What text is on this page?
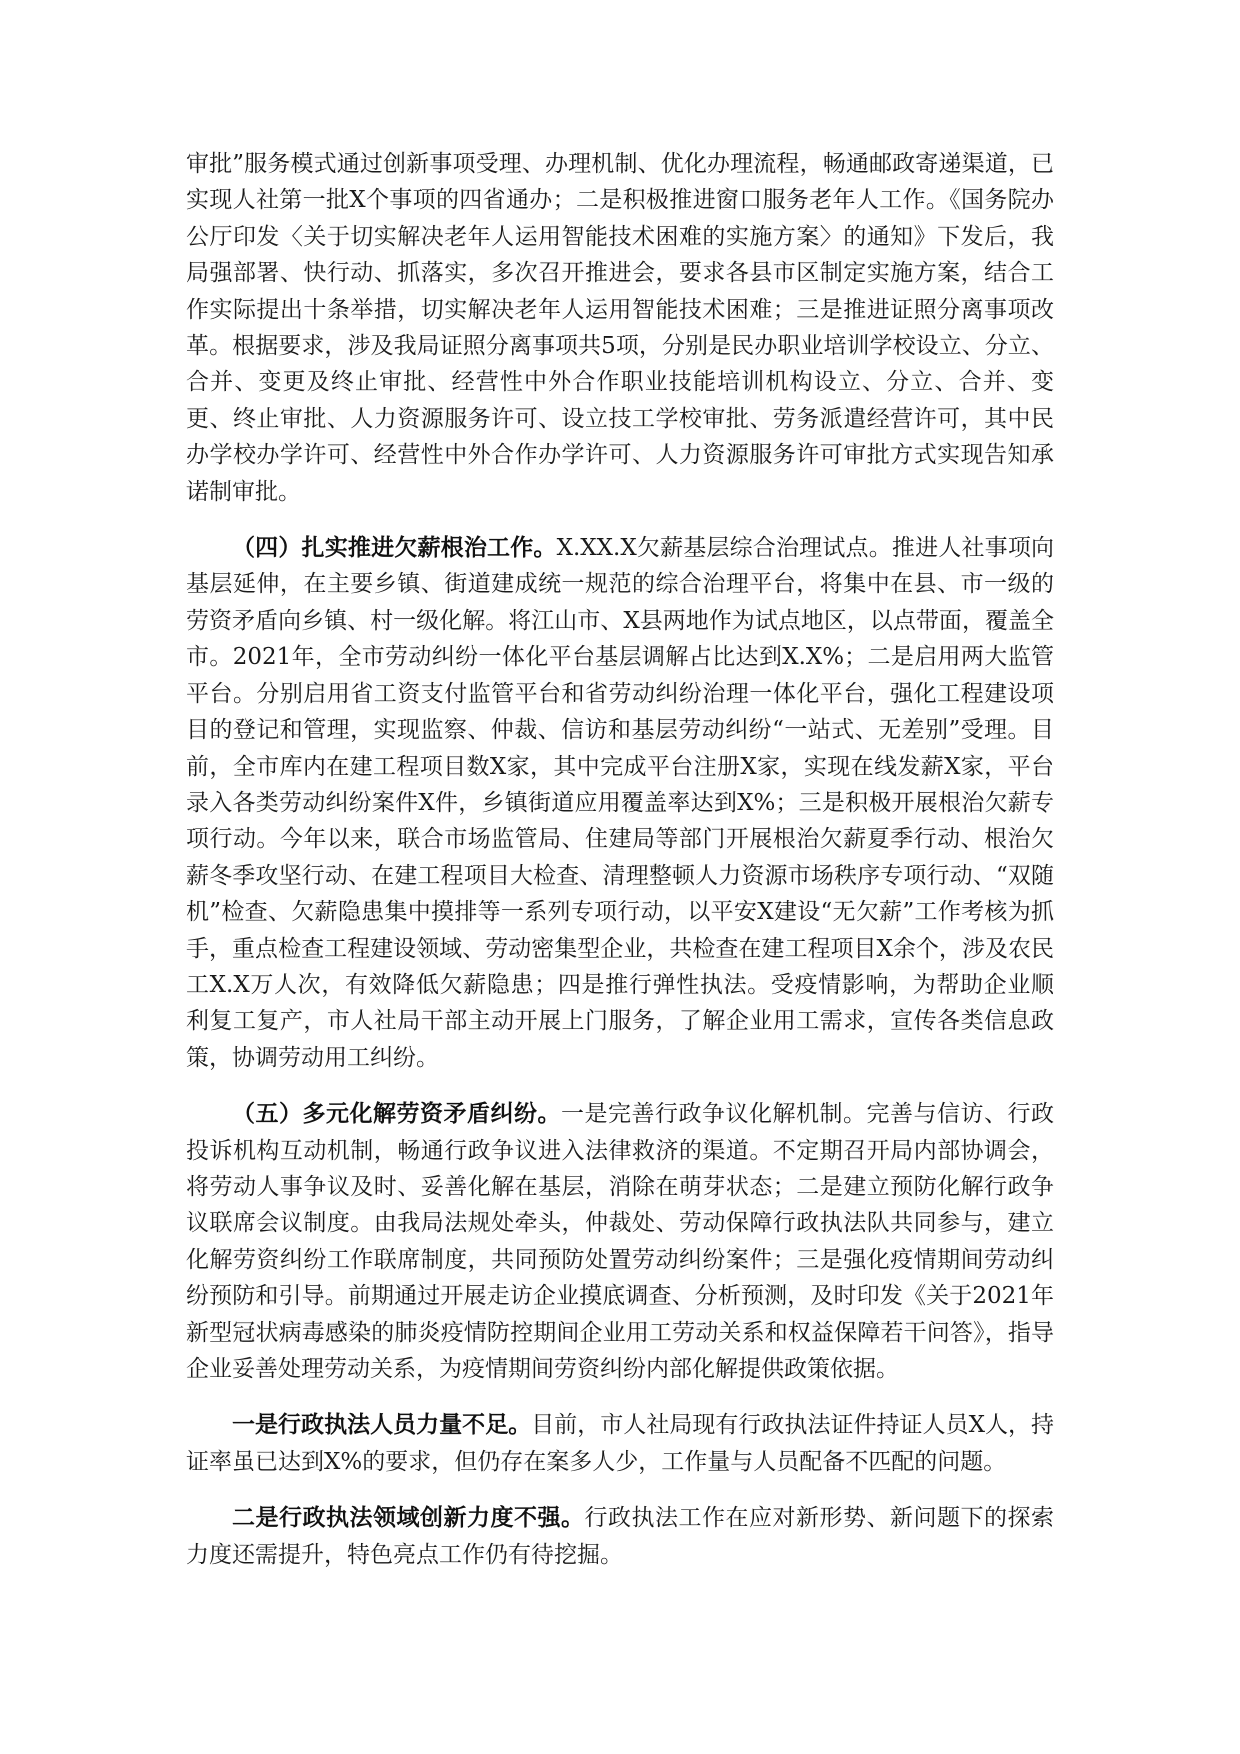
审批”服务模式通过创新事项受理、办理机制、优化办理流程，畅通邮政寄递渠道，已实现人社第一批X个事项的四省通办；二是积极推进窗口服务老年人工作。《国务院办公厅印发〈关于切实解决老年人运用智能技术困难的实施方案〉的通知》下发后，我局强部署、快行动、抓落实，多次召开推进会，要求各县市区制定实施方案，结合工作实际提出十条举措，切实解决老年人运用智能技术困难；三是推进证照分离事项改革。根据要求，涉及我局证照分离事项共5项，分别是民办职业培训学校设立、分立、合并、变更及终止审批、经营性中外合作职业技能培训机构设立、分立、合并、变更、终止审批、人力资源服务许可、设立技工学校审批、劳务派遣经营许可，其中民办学校办学许可、经营性中外合作办学许可、人力资源服务许可审批方式实现告知承诺制审批。

（四）扎实推进欠薪根治工作。X.XX.X欠薪基层综合治理试点。推进人社事项向基层延伸，在主要乡镇、街道建成统一规范的综合治理平台，将集中在县、市一级的劳资矛盾向乡镇、村一级化解。将江山市、X县两地作为试点地区，以点带面，覆盖全市。2021年，全市劳动纠纷一体化平台基层调解占比达到X.X%；二是启用两大监管平台。分别启用省工资支付监管平台和省劳动纠纷治理一体化平台，强化工程建设项目的登记和管理，实现监察、仲裁、信访和基层劳动纠纷“一站式、无差别”受理。目前，全市库内在建工程项目数X家，其中完成平台注册X家，实现在线发薪X家，平台录入各类劳动纠纷案件X件，乡镇街道应用覆盖率达到X%；三是积极开展根治欠薪专项行动。今年以来，联合市场监管局、住建局等部门开展根治欠薪夏季行动、根治欠薪冬季攻坚行动、在建工程项目大检查、清理整顿人力资源市场秩序专项行动、“双随机”检查、欠薪隐患集中摸排等一系列专项行动，以平安X建设“无欠薪”工作考核为抓手，重点检查工程建设领域、劳动密集型企业，共检查在建工程项目X余个，涉及农民工X.X万人次，有效降低欠薪隐患；四是推行弹性执法。受疫情影响，为帮助企业顺利复工复产，市人社局干部主动开展上门服务，了解企业用工需求，宣传各类信息政策，协调劳动用工纠纷。

（五）多元化解劳资矛盾纠纷。一是完善行政争议化解机制。完善与信访、行政投诉机构互动机制，畅通行政争议进入法律救济的渠道。不定期召开局内部协调会，将劳动人事争议及时、妥善化解在基层，消除在萌芽状态；二是建立预防化解行政争议联席会议制度。由我局法规处牵头，仲裁处、劳动保障行政执法队共同参与，建立化解劳资纠纷工作联席制度，共同预防处置劳动纠纷案件；三是强化疫情期间劳动纠纷预防和引导。前期通过开展走访企业摸底调查、分析预测，及时印发《关于2021年新型冠状病毒感染的肺炎疫情防控期间企业用工劳动关系和权益保障若干问答》，指导企业妥善处理劳动关系，为疫情期间劳资纠纷内部化解提供政策依据。

一是行政执法人员力量不足。目前，市人社局现有行政执法证件持证人员X人，持证率虽已达到X%的要求，但仍存在案多人少，工作量与人员配备不匹配的问题。

二是行政执法领域创新力度不强。行政执法工作在应对新形势、新问题下的探索力度还需提升，特色亮点工作仍有待挖掘。
